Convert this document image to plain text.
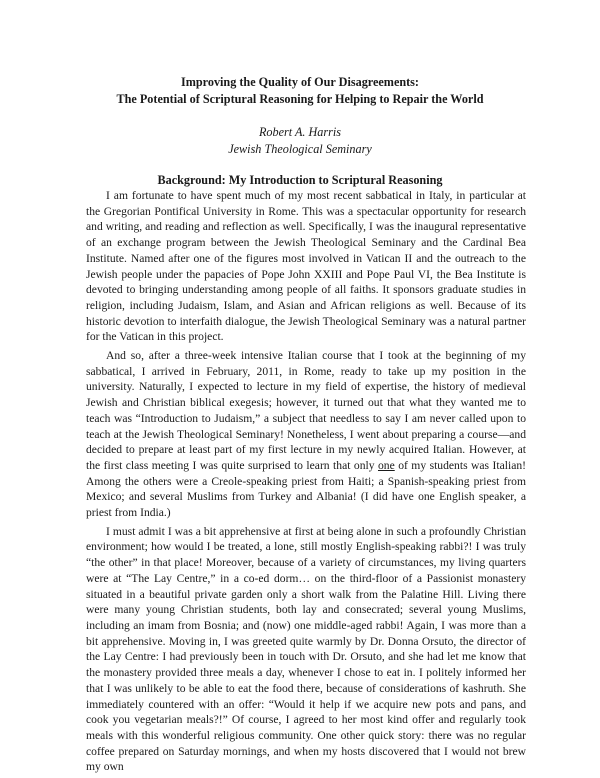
Improving the Quality of Our Disagreements:
The Potential of Scriptural Reasoning for Helping to Repair the World
Robert A. Harris
Jewish Theological Seminary
Background: My Introduction to Scriptural Reasoning

I am fortunate to have spent much of my most recent sabbatical in Italy, in particular at the Gregorian Pontifical University in Rome. This was a spectacular opportunity for research and writing, and reading and reflection as well. Specifically, I was the inaugural representative of an exchange program between the Jewish Theological Seminary and the Cardinal Bea Institute. Named after one of the figures most involved in Vatican II and the outreach to the Jewish people under the papacies of Pope John XXIII and Pope Paul VI, the Bea Institute is devoted to bringing understanding among people of all faiths. It sponsors graduate studies in religion, including Judaism, Islam, and Asian and African religions as well. Because of its historic devotion to interfaith dialogue, the Jewish Theological Seminary was a natural partner for the Vatican in this project.

And so, after a three-week intensive Italian course that I took at the beginning of my sabbatical, I arrived in February, 2011, in Rome, ready to take up my position in the university. Naturally, I expected to lecture in my field of expertise, the history of medieval Jewish and Christian biblical exegesis; however, it turned out that what they wanted me to teach was “Introduction to Judaism,” a subject that needless to say I am never called upon to teach at the Jewish Theological Seminary! Nonetheless, I went about preparing a course—and decided to prepare at least part of my first lecture in my newly acquired Italian. However, at the first class meeting I was quite surprised to learn that only one of my students was Italian! Among the others were a Creole-speaking priest from Haiti; a Spanish-speaking priest from Mexico; and several Muslims from Turkey and Albania! (I did have one English speaker, a priest from India.)

I must admit I was a bit apprehensive at first at being alone in such a profoundly Christian environment; how would I be treated, a lone, still mostly English-speaking rabbi?! I was truly “the other” in that place! Moreover, because of a variety of circumstances, my living quarters were at “The Lay Centre,” in a co-ed dorm… on the third-floor of a Passionist monastery situated in a beautiful private garden only a short walk from the Palatine Hill. Living there were many young Christian students, both lay and consecrated; several young Muslims, including an imam from Bosnia; and (now) one middle-aged rabbi! Again, I was more than a bit apprehensive. Moving in, I was greeted quite warmly by Dr. Donna Orsuto, the director of the Lay Centre: I had previously been in touch with Dr. Orsuto, and she had let me know that the monastery provided three meals a day, whenever I chose to eat in. I politely informed her that I was unlikely to be able to eat the food there, because of considerations of kashruth. She immediately countered with an offer: “Would it help if we acquire new pots and pans, and cook you vegetarian meals?!” Of course, I agreed to her most kind offer and regularly took meals with this wonderful religious community. One other quick story: there was no regular coffee prepared on Saturday mornings, and when my hosts discovered that I would not brew my own
